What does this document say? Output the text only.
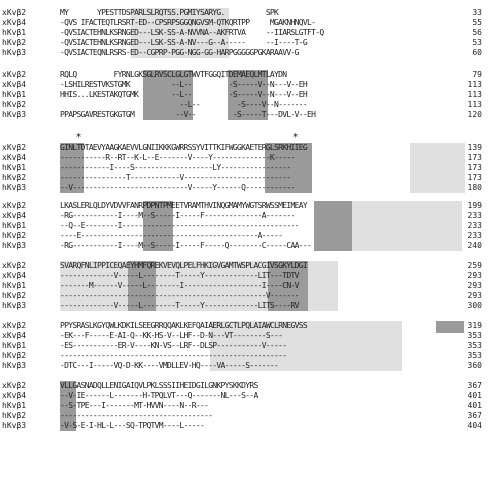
xKvβ2	MY       YPESTTDSPARLSLRQTSS.PGMIYSARYG.          SPK	33
xKvβ4	-QVS IFACTEQTLRSRT-ED--CPSRPSGGQNGVSM-QTKQRTPP     MGAKNHNQVL-	55
hKvβ1	-QVSIACTEHNLKSRNGED---LSK-SS-A-NVVNA--AKFRTVA     --IIARSLGTFT-Q	56
hKvβ2	-QVSIACTEHNLKSRNGED---LSK-SS-A-NV---G--A-----     --I----T-G	53
hKvβ3	-QVSIACTEQNLRSRS-ED--CGPRP-PGG-NGG-GG-HARPGGGGGPGKARAAVV-G	60
xKvβ2	RQLQ         FYRNLGKSGLRVSCLGLGTWVTFGGQITDEMAEQLMTLAYDN	79
xKvβ4	-LSHILRESTVKSTGMK          --L--         -S-----V--N---V--EH	113
hKvβ1	HHIS...LKESTAKQTGMK        --L--         -S-----V--N---V--EH	113
hKvβ2	--L--         -S----V--N-------	113
hKvβ3	PPAPSGAVRESTGKGTGM          --V--         -S-----T---DVL-V--EH	120
*	*
xKvβ2	GINLTDTAEVYAAGKAEVVLGNIIKKKGWRRSSYVITTKIFWGGKAETERGLSRKHIIEG	139
xKvβ4	-----------R--RT--K-L--E-------V----Y--------------K-----	173
hKvβ1	------------I----S-------------------LY-----------------	173
hKvβ2	----------------T------------V--------------------------	173
hKvβ3	--V----------------------------V-----Y------Q------------	180
xKvβ2	LKASLERLQLDYVDVVFANRPDPNTPMEETVRAMTHVINQGMAMYWGTSRWSSMEIMEAY	199
xKvβ4	-RG-----------I----M--S-----I-----F--------------A-------	233
hKvβ1	--Q--E--------I-------------------------------------------	233
hKvβ2	----E-------------------------------------------A-----	233
hKvβ3	-RG-----------I----M--S-----I-----F-----Q--------C-----CAA---	240
xKvβ2	SVARQFNLIPPICEQAEYHMFQREKVEVQLPELFHKIGVGAMTWSPLACGIVSGKYLDGI	259
xKvβ4	-------------V-----L--------T-----Y-------------LIT---TDTV	293
hKvβ1	-------M------V-----L--------I-------------------I----CN-V	293
hKvβ2	--------------------------------------------------V-------	293
hKvβ3	-------------V-----L--------T-----Y-------------LITS----RV	300
xKvβ2	PPYSRASLKGYQWLKDKILSEEGRRQQAKLKEFQAIAERLGCTLPQLAIAWCLRNEGVSS	319
xKvβ4	-EK---F-----E-AI-Q--KK-HS-V--LHF--D-N---VT--------S---	353
hKvβ1	-ES-----------ER-V----KN-VS--LRF--DLSP-----------V-----	353
hKvβ2	-------------------------------------------------------	353
hKvβ3	-DTC---I-----VQ-D-KK----VMDLLEV-HQ----VA-----S-------	360
xKvβ2	VLLGASNADQLLENIGAIQVLPKLSSSIIHEIDGILGNKPYSKKDYRS	367
xKvβ4	--V-IE------L-------H-TPQLVT---Q-------NL---S--A	401
hKvβ1	--S-TPE---I-------MT-HVVN----N--R---	401
hKvβ2	-------------------------------------	367
hKvβ3	-V-S-E-I-HL-L---SQ-TPQTVM----L-----	404
